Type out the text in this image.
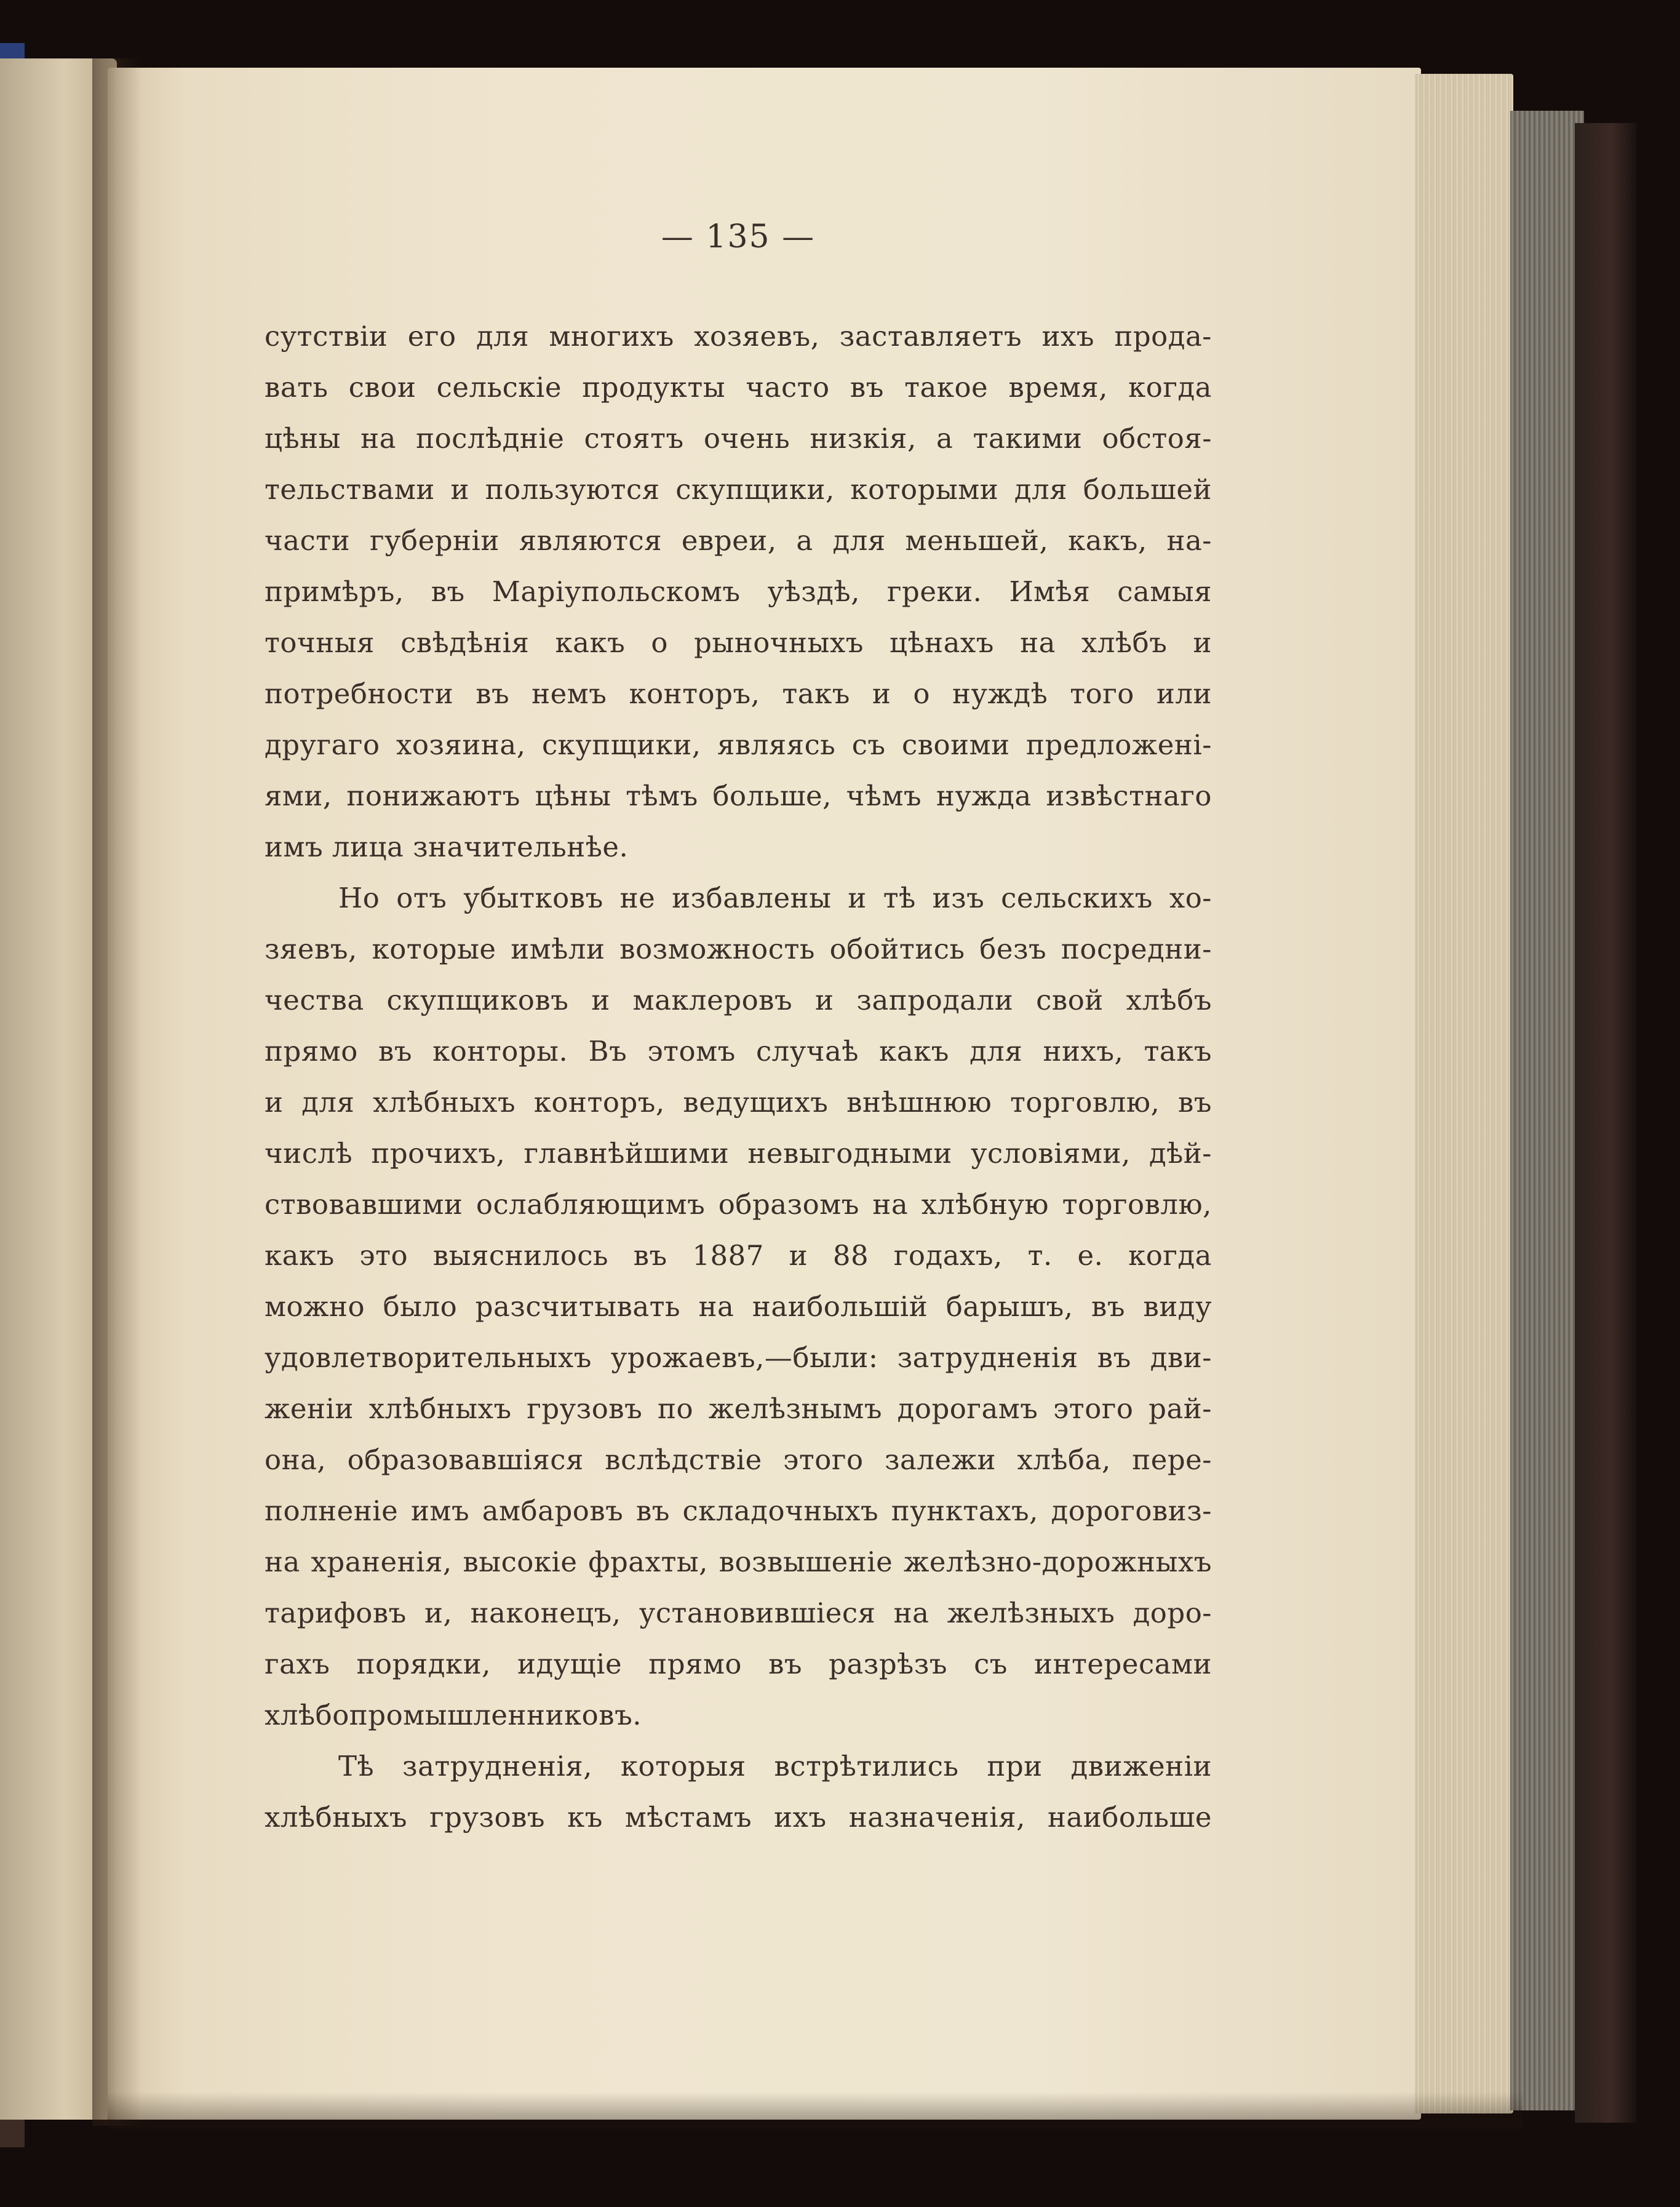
— 135 —
сутствіи его для многихъ хозяевъ, заставляетъ ихъ прода-
вать свои сельскіе продукты часто въ такое время, когда
цѣны на послѣдніе стоятъ очень низкія, а такими обстоя-
тельствами и пользуются скупщики, которыми для большей
части губерніи являются евреи, а для меньшей, какъ, на-
примѣръ, въ Маріупольскомъ уѣздѣ, греки. Имѣя самыя
точныя свѣдѣнія какъ о рыночныхъ цѣнахъ на хлѣбъ и
потребности въ немъ конторъ, такъ и о нуждѣ того или
другаго хозяина, скупщики, являясь съ своими предложені-
ями, понижаютъ цѣны тѣмъ больше, чѣмъ нужда извѣстнаго
имъ лица значительнѣе.
Но отъ убытковъ не избавлены и тѣ изъ сельскихъ хо-
зяевъ, которые имѣли возможность обойтись безъ посредни-
чества скупщиковъ и маклеровъ и запродали свой хлѣбъ
прямо въ конторы. Въ этомъ случаѣ какъ для нихъ, такъ
и для хлѣбныхъ конторъ, ведущихъ внѣшнюю торговлю, въ
числѣ прочихъ, главнѣйшими невыгодными условіями, дѣй-
ствовавшими ослабляющимъ образомъ на хлѣбную торговлю,
какъ это выяснилось въ 1887 и 88 годахъ, т. е. когда
можно было разсчитывать на наибольшій барышъ, въ виду
удовлетворительныхъ урожаевъ,—были: затрудненія въ дви-
женіи хлѣбныхъ грузовъ по желѣзнымъ дорогамъ этого рай-
она, образовавшіяся вслѣдствіе этого залежи хлѣба, пере-
полненіе имъ амбаровъ въ складочныхъ пунктахъ, дороговиз-
на храненія, высокіе фрахты, возвышеніе желѣзно-дорожныхъ
тарифовъ и, наконецъ, установившіеся на желѣзныхъ доро-
гахъ порядки, идущіе прямо въ разрѣзъ съ интересами
хлѣбопромышленниковъ.
Тѣ затрудненія, которыя встрѣтились при движеніи
хлѣбныхъ грузовъ къ мѣстамъ ихъ назначенія, наибольше
